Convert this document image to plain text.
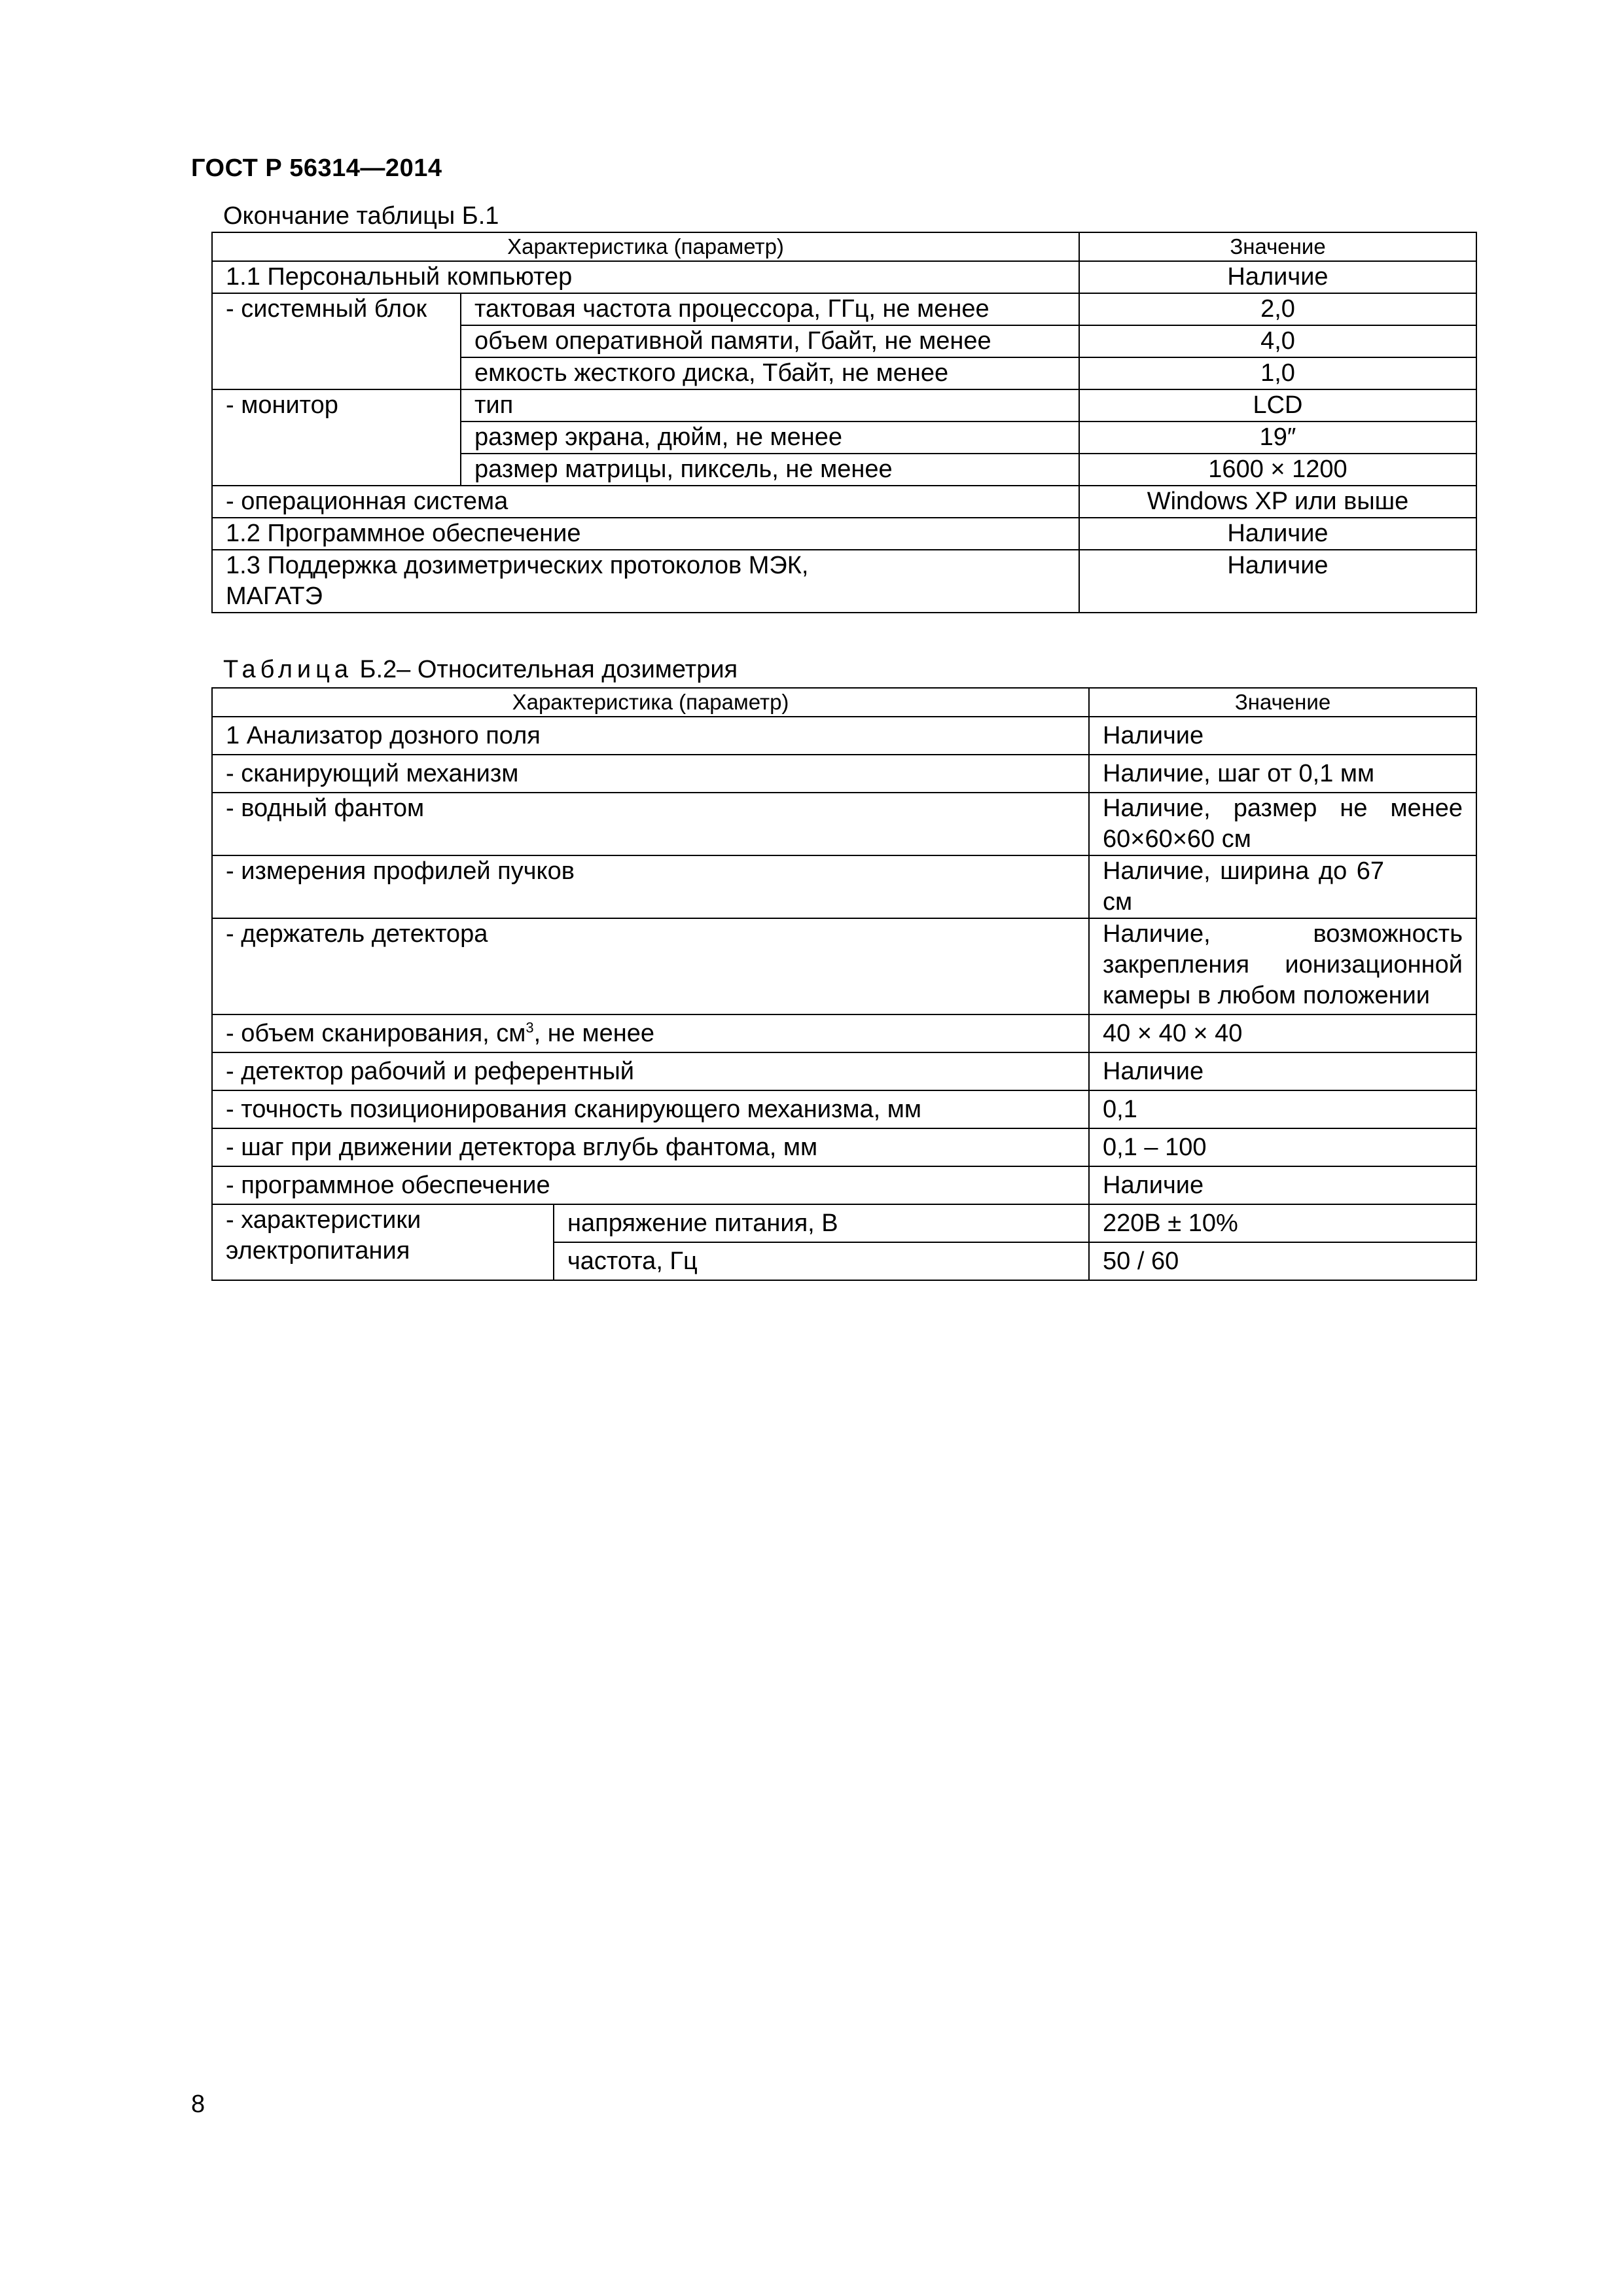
ГОСТ Р 56314—2014
Окончание таблицы Б.1
Характеристика (параметр)		Значение
1.1 Персональный компьютер		Наличие
- системный блок	тактовая частота процессора, ГГц, не менее	2,0
	объем оперативной памяти, Гбайт, не менее	4,0
	емкость жесткого диска, Тбайт, не менее	1,0
- монитор	тип	LCD
	размер экрана, дюйм, не менее	19″
	размер матрицы, пиксель, не менее	1600 × 1200
- операционная система		Windows XP или выше
1.2 Программное обеспечение		Наличие
1.3 Поддержка дозиметрических протоколов МЭК, МАГАТЭ		Наличие
Таблица Б.2– Относительная дозиметрия
Характеристика (параметр)		Значение
1 Анализатор дозного поля		Наличие
- сканирующий механизм		Наличие, шаг от 0,1 мм
- водный фантом		Наличие, размер не менее 60×60×60 см
- измерения профилей пучков		Наличие, ширина до 67 см
- держатель детектора		Наличие, возможность закрепления ионизационной камеры в любом положении
- объем сканирования, $см^3$, не менее		40 × 40 × 40
- детектор рабочий и референтный		Наличие
- точность позиционирования сканирующего механизма, мм		0,1
- шаг при движении детектора вглубь фантома, мм		0,1 – 100
- программное обеспечение		Наличие
- характеристики электропитания	напряжение питания, В	220В ± 10%
	частота, Гц	50 / 60
8
